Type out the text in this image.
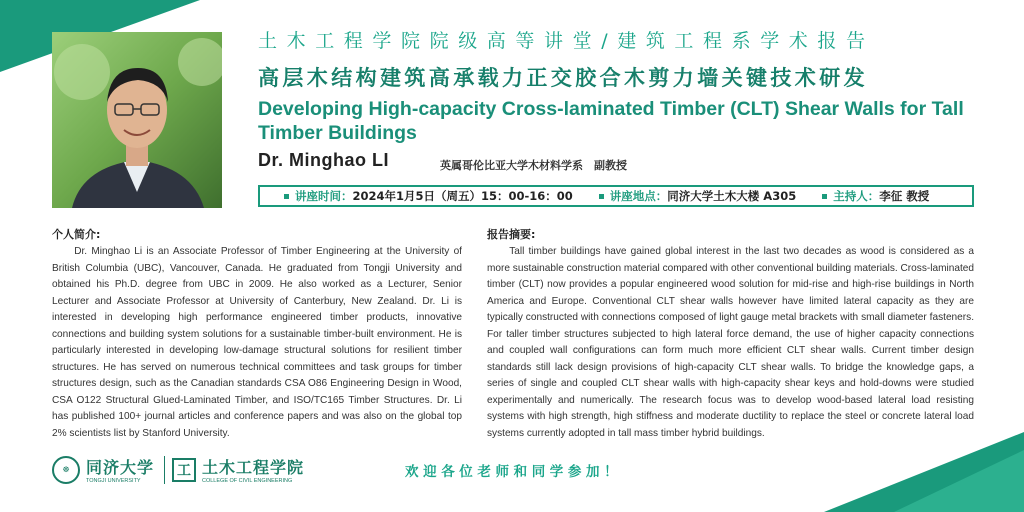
土木工程学院院级高等讲堂/建筑工程系学术报告
高层木结构建筑高承载力正交胶合木剪力墙关键技术研发
Developing High-capacity Cross-laminated Timber (CLT) Shear Walls for Tall Timber Buildings
Dr. Minghao LI	英属哥伦比亚大学木材料学系　副教授
讲座时间： 2024年1月5日（周五）15：00-16：00	讲座地点： 同济大学土木大楼 A305	主持人： 李征 教授
个人简介:
Dr. Minghao Li is an Associate Professor of Timber Engineering at the University of British Columbia (UBC), Vancouver, Canada. He graduated from Tongji University and obtained his Ph.D. degree from UBC in 2009. He also worked as a Lecturer, Senior Lecturer and Associate Professor at University of Canterbury, New Zealand. Dr. Li is interested in developing high performance engineered timber products, innovative connections and building system solutions for a sustainable timber-built environment. He is particularly interested in developing low-damage structural solutions for resilient timber structures. He has served on numerous technical committees and task groups for timber structures design, such as the Canadian standards CSA O86 Engineering Design in Wood, CSA O122 Structural Glued-Laminated Timber, and ISO/TC165 Timber Structures. Dr. Li has published 100+ journal articles and conference papers and was also on the global top 2% scientists list by Stanford University.
报告摘要:
Tall timber buildings have gained global interest in the last two decades as wood is considered as a more sustainable construction material compared with other conventional building materials. Cross-laminated timber (CLT) now provides a popular engineered wood solution for mid-rise and high-rise buildings in North America and Europe. Conventional CLT shear walls however have limited lateral capacity as they are typically constructed with connections composed of light gauge metal brackets with small diameter fasteners. For taller timber structures subjected to high lateral force demand, the use of higher capacity connections and coupled wall configurations can form much more efficient CLT shear walls. Current timber design standards still lack design provisions of high-capacity CLT shear walls. To bridge the knowledge gaps, a series of single and coupled CLT shear walls with high-capacity shear keys and hold-downs were studied experimentally and numerically. The research focus was to develop wood-based lateral load resisting systems with high strength, high stiffness and moderate ductility to replace the steel or concrete lateral load systems currently adopted in tall mass timber hybrid buildings.
☸	同济大学
TONGJI UNIVERSITY
工 土木工程学院
COLLEGE OF CIVIL ENGINEERING
欢迎各位老师和同学参加！
